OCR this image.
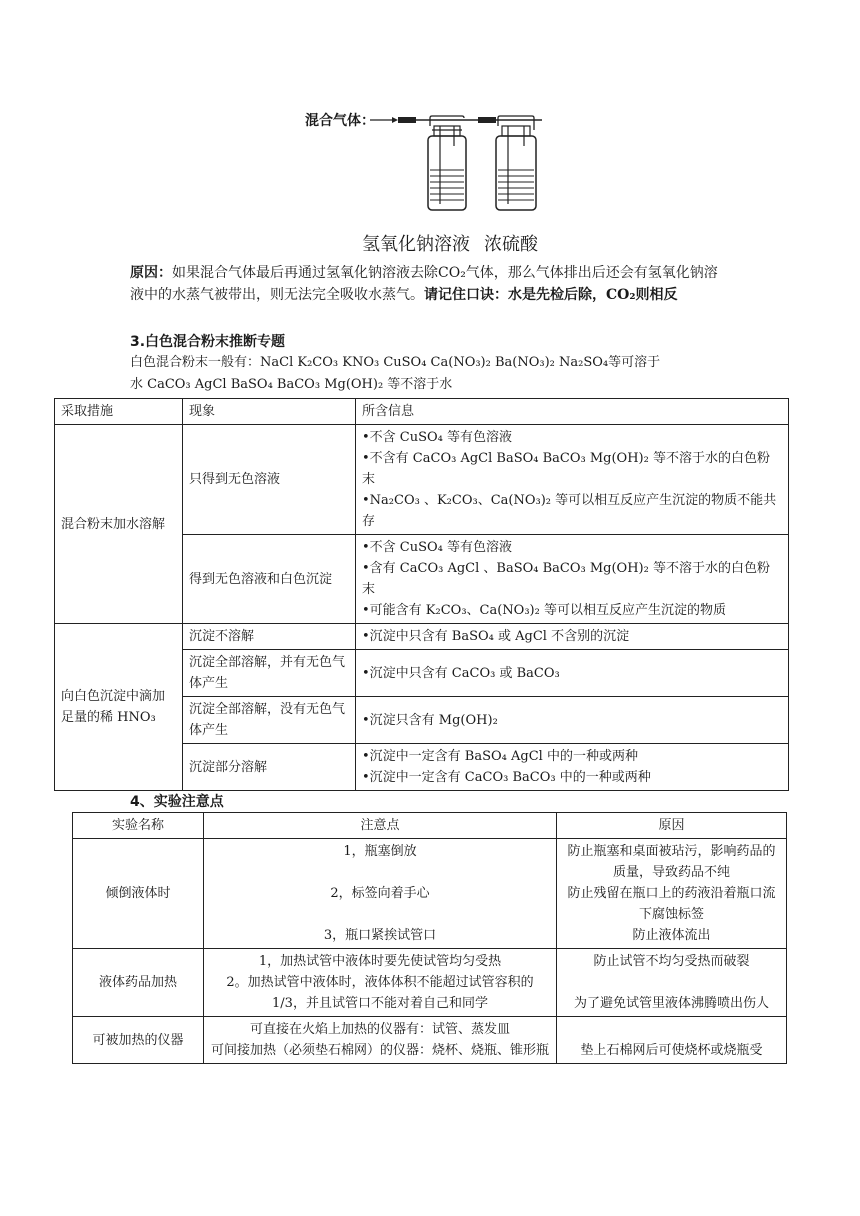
混合气体：
氢氧化钠溶液 浓硫酸
原因：如果混合气体最后再通过氢氧化钠溶液去除CO₂气体，那么气体排出后还会有氢氧化钠溶液中的水蒸气被带出，则无法完全吸收水蒸气。请记住口诀：水是先检后除，CO₂则相反
3.白色混合粉末推断专题
白色混合粉末一般有：NaCl K₂CO₃ KNO₃ CuSO₄ Ca(NO₃)₂ Ba(NO₃)₂ Na₂SO₄等可溶于
水 CaCO₃ AgCl BaSO₄ BaCO₃ Mg(OH)₂ 等不溶于水
采取措施	现象	所含信息
混合粉末加水溶解	只得到无色溶液	•不含 CuSO₄ 等有色溶液
•不含有 CaCO₃ AgCl BaSO₄ BaCO₃ Mg(OH)₂ 等不溶于水的白色粉末
•Na₂CO₃ 、K₂CO₃、Ca(NO₃)₂ 等可以相互反应产生沉淀的物质不能共存

	得到无色溶液和白色沉淀	•不含 CuSO₄ 等有色溶液
•含有 CaCO₃ AgCl 、BaSO₄ BaCO₃ Mg(OH)₂ 等不溶于水的白色粉末
•可能含有 K₂CO₃、Ca(NO₃)₂ 等可以相互反应产生沉淀的物质

向白色沉淀中滴加足量的稀 HNO₃	沉淀不溶解	•沉淀中只含有 BaSO₄ 或 AgCl 不含别的沉淀
	沉淀全部溶解，并有无色气体产生	•沉淀中只含有 CaCO₃ 或 BaCO₃
	沉淀全部溶解，没有无色气体产生	•沉淀只含有 Mg(OH)₂
	沉淀部分溶解	•沉淀中一定含有 BaSO₄ AgCl 中的一种或两种
•沉淀中一定含有 CaCO₃ BaCO₃ 中的一种或两种
4、实验注意点
实验名称	注意点	原因
倾倒液体时	1，瓶塞倒放
2，标签向着手心
3，瓶口紧挨试管口	防止瓶塞和桌面被玷污，影响药品的质量，导致药品不纯
防止残留在瓶口上的药液沿着瓶口流下腐蚀标签
防止液体流出

液体药品加热	1，加热试管中液体时要先使试管均匀受热
2。加热试管中液体时，液体体积不能超过试管容积的 1/3，并且试管口不能对着自己和同学	防止试管不均匀受热而破裂
为了避免试管里液体沸腾喷出伤人

可被加热的仪器	可直接在火焰上加热的仪器有：试管、蒸发皿
可间接加热（必须垫石棉网）的仪器：烧杯、烧瓶、锥形瓶	垫上石棉网后可使烧杯或烧瓶受
